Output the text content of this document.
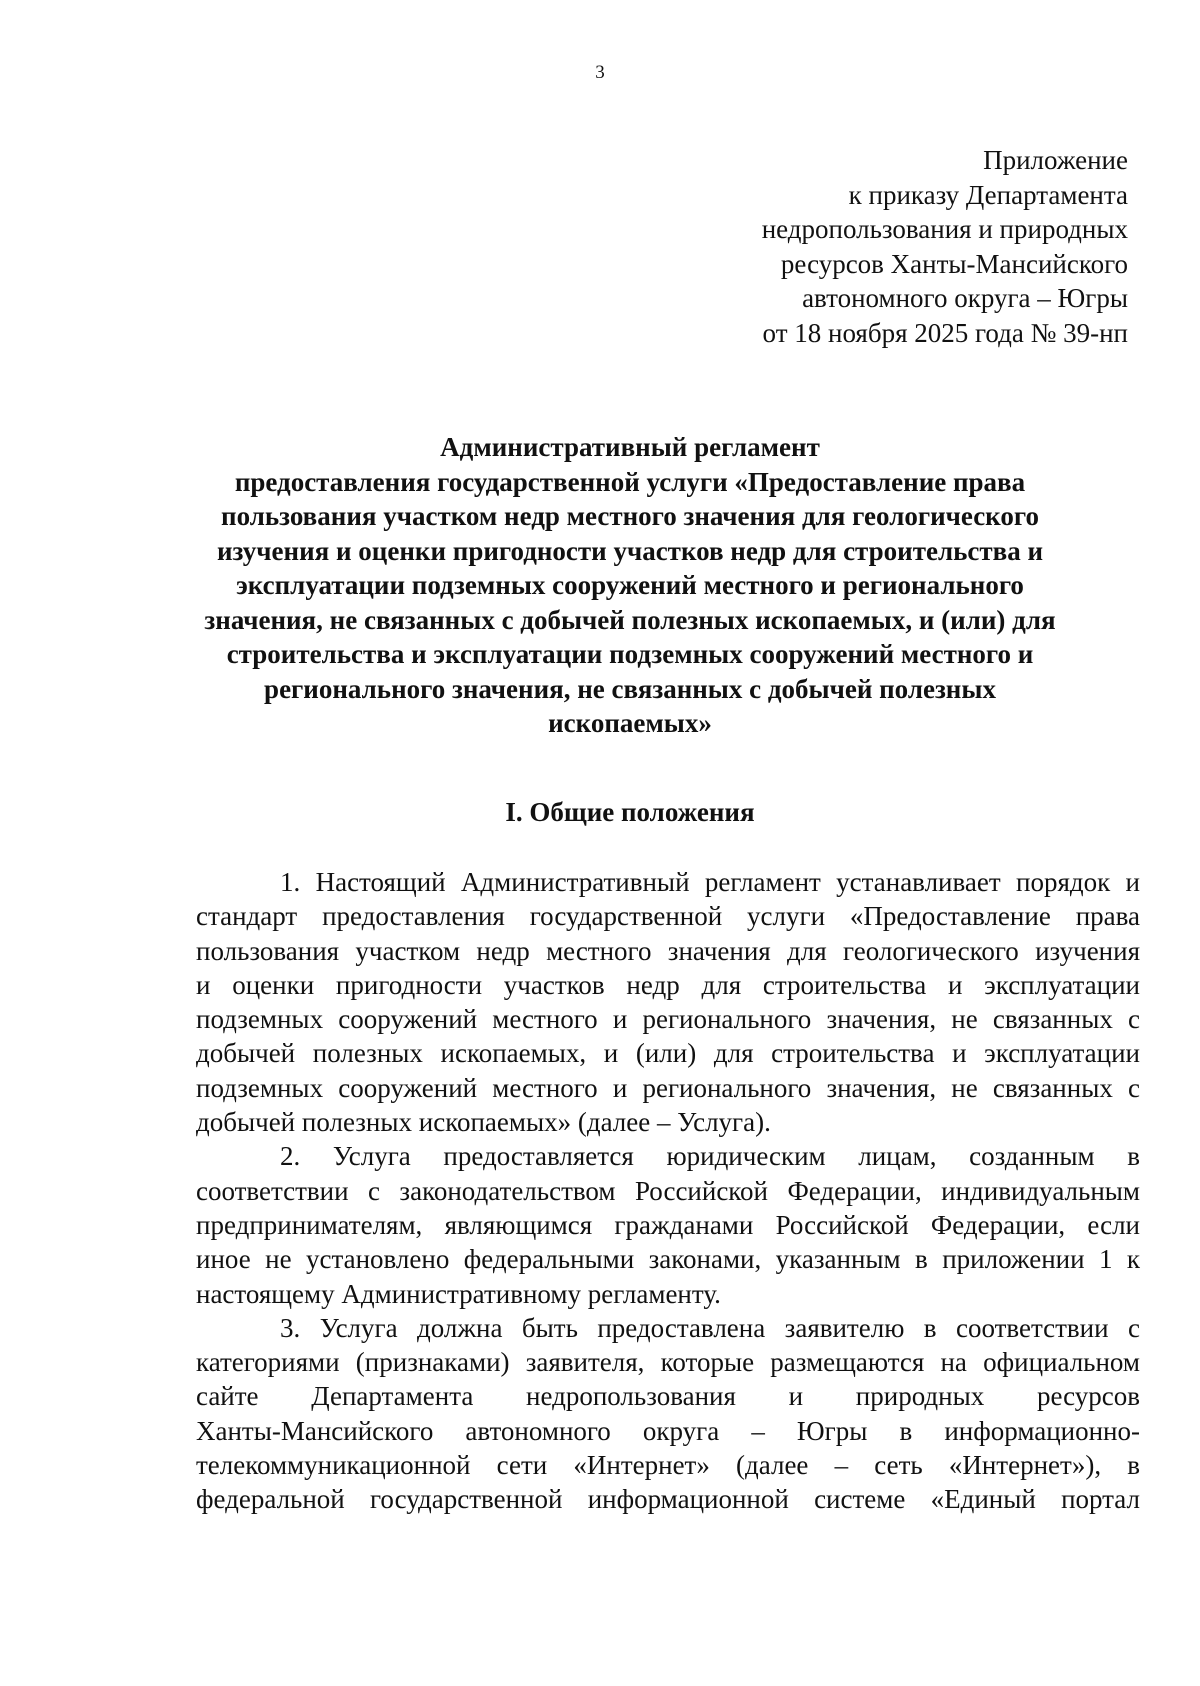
3
Приложение
к приказу Департамента
недропользования и природных
ресурсов Ханты-Мансийского
автономного округа – Югры
от 18 ноября 2025 года № 39-нп
Административный регламент
предоставления государственной услуги «Предоставление права
пользования участком недр местного значения для геологического
изучения и оценки пригодности участков недр для строительства и
эксплуатации подземных сооружений местного и регионального
значения, не связанных с добычей полезных ископаемых, и (или) для
строительства и эксплуатации подземных сооружений местного и
регионального значения, не связанных с добычей полезных
ископаемых»
I. Общие положения
1. Настоящий Административный регламент устанавливает порядок и
стандарт предоставления государственной услуги «Предоставление права
пользования участком недр местного значения для геологического изучения
и оценки пригодности участков недр для строительства и эксплуатации
подземных сооружений местного и регионального значения, не связанных с
добычей полезных ископаемых, и (или) для строительства и эксплуатации
подземных сооружений местного и регионального значения, не связанных с
добычей полезных ископаемых» (далее – Услуга).
2. Услуга предоставляется юридическим лицам, созданным в
соответствии с законодательством Российской Федерации, индивидуальным
предпринимателям, являющимся гражданами Российской Федерации, если
иное не установлено федеральными законами, указанным в приложении 1 к
настоящему Административному регламенту.
3. Услуга должна быть предоставлена заявителю в соответствии с
категориями (признаками) заявителя, которые размещаются на официальном
сайте Департамента недропользования и природных ресурсов
Ханты-Мансийского автономного округа – Югры в информационно-
телекоммуникационной сети «Интернет» (далее – сеть «Интернет»), в
федеральной государственной информационной системе «Единый портал
